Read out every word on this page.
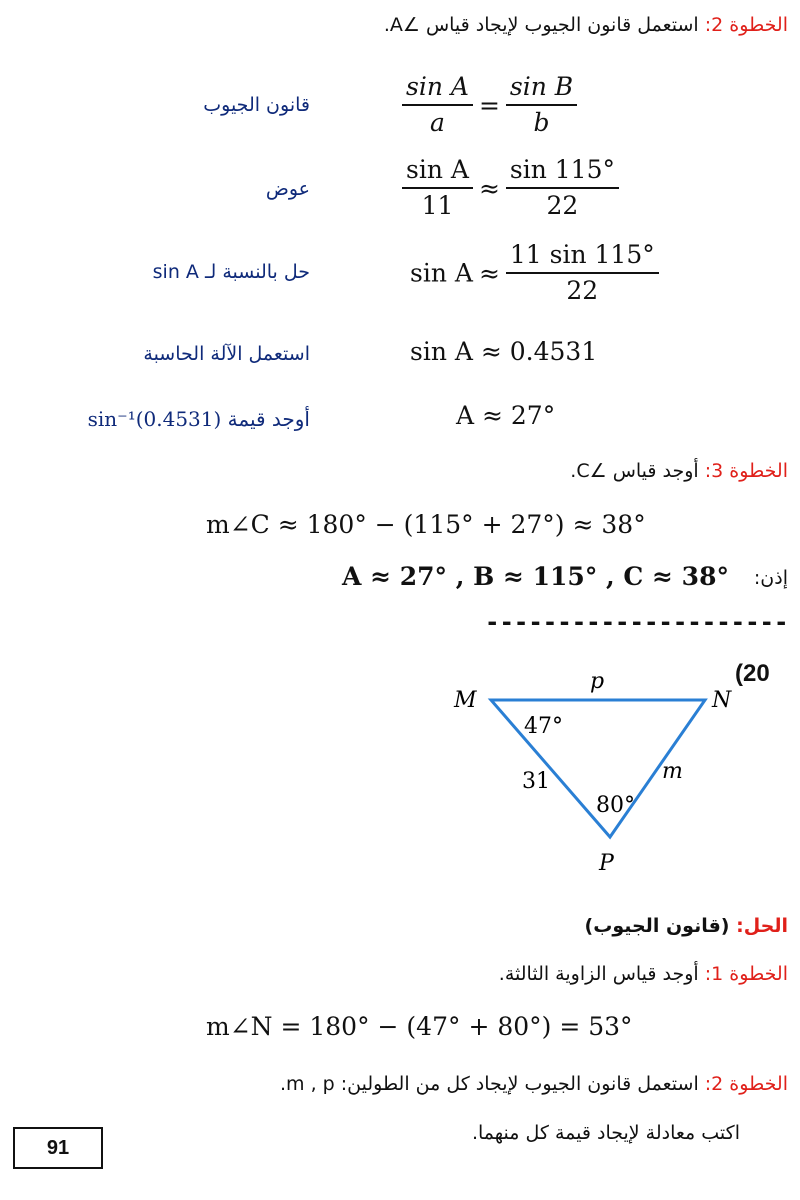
الخطوة 2: استعمل قانون الجيوب لإيجاد قياس ∠A.
قانون الجيوب	$\frac{\text{sin A}}{a} = \frac{\text{sin B}}{b}$
عوض	$\frac{\text{sin A}}{11} \approx \frac{\sin 115^\circ}{22}$
حل بالنسبة لـ sin A	$\sin A \approx \frac{11 \sin 115^\circ}{22}$
استعمل الآلة الحاسبة	sin A ≈ 0.4531
أوجد قيمة sin⁻¹(0.4531)	A ≈ 27°
الخطوة 3: أوجد قياس ∠C.
m∠C ≈ 180° − (115° + 27°) ≈ 38°
إذن:
A ≈ 27° , B ≈ 115° , C ≈ 38°
---------------------
(20
M	N
P
p
m
31
47°
80°
الحل: (قانون الجيوب)
الخطوة 1: أوجد قياس الزاوية الثالثة.
m∠N = 180° − (47° + 80°) = 53°
الخطوة 2: استعمل قانون الجيوب لإيجاد كل من الطولين: m , p.
اكتب معادلة لإيجاد قيمة كل منهما.
91
